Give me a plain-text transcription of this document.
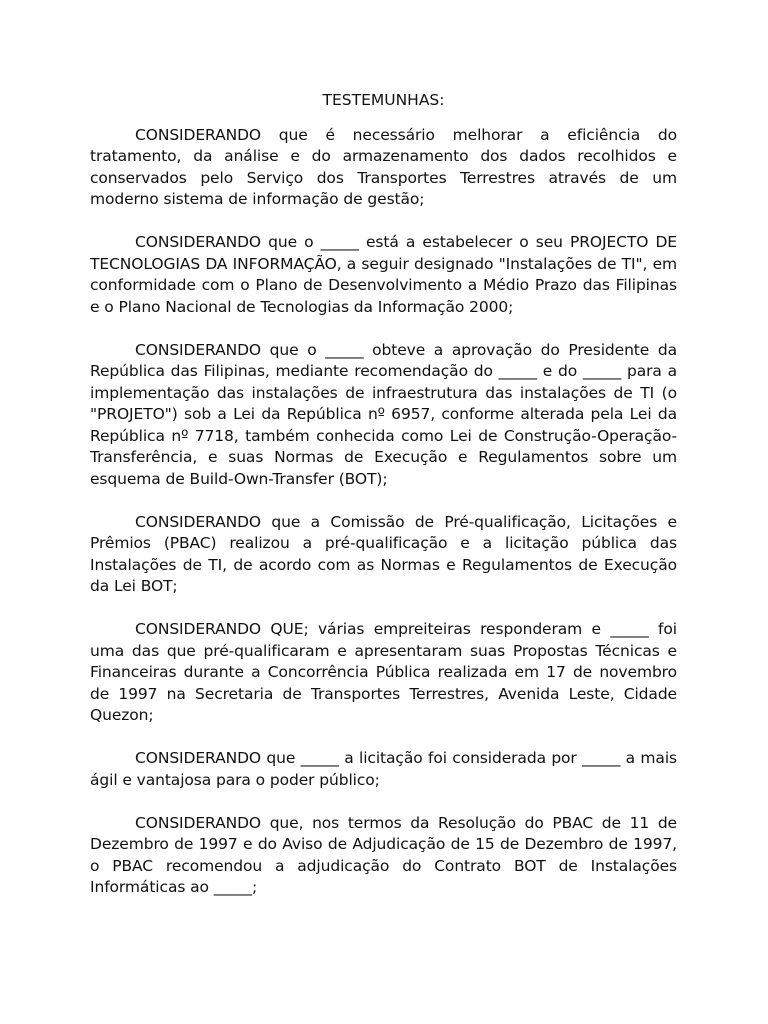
TESTEMUNHAS:

CONSIDERANDO que é necessário melhorar a eficiência do tratamento, da análise e do armazenamento dos dados recolhidos e conservados pelo Serviço dos Transportes Terrestres através de um moderno sistema de informação de gestão;

CONSIDERANDO que o _____ está a estabelecer o seu PROJECTO DE TECNOLOGIAS DA INFORMAÇÃO, a seguir designado "Instalações de TI", em conformidade com o Plano de Desenvolvimento a Médio Prazo das Filipinas e o Plano Nacional de Tecnologias da Informação 2000;

CONSIDERANDO que o _____ obteve a aprovação do Presidente da República das Filipinas, mediante recomendação do _____ e do _____ para a implementação das instalações de infraestrutura das instalações de TI (o "PROJETO") sob a Lei da República nº 6957, conforme alterada pela Lei da República nº 7718, também conhecida como Lei de Construção-Operação-Transferência, e suas Normas de Execução e Regulamentos sobre um esquema de Build-Own-Transfer (BOT);

CONSIDERANDO que a Comissão de Pré-qualificação, Licitações e Prêmios (PBAC) realizou a pré-qualificação e a licitação pública das Instalações de TI, de acordo com as Normas e Regulamentos de Execução da Lei BOT;

CONSIDERANDO QUE; várias empreiteiras responderam e _____ foi uma das que pré-qualificaram e apresentaram suas Propostas Técnicas e Financeiras durante a Concorrência Pública realizada em 17 de novembro de 1997 na Secretaria de Transportes Terrestres, Avenida Leste, Cidade Quezon;

CONSIDERANDO que _____ a licitação foi considerada por _____ a mais ágil e vantajosa para o poder público;

CONSIDERANDO que, nos termos da Resolução do PBAC de 11 de Dezembro de 1997 e do Aviso de Adjudicação de 15 de Dezembro de 1997, o PBAC recomendou a adjudicação do Contrato BOT de Instalações Informáticas ao _____;
